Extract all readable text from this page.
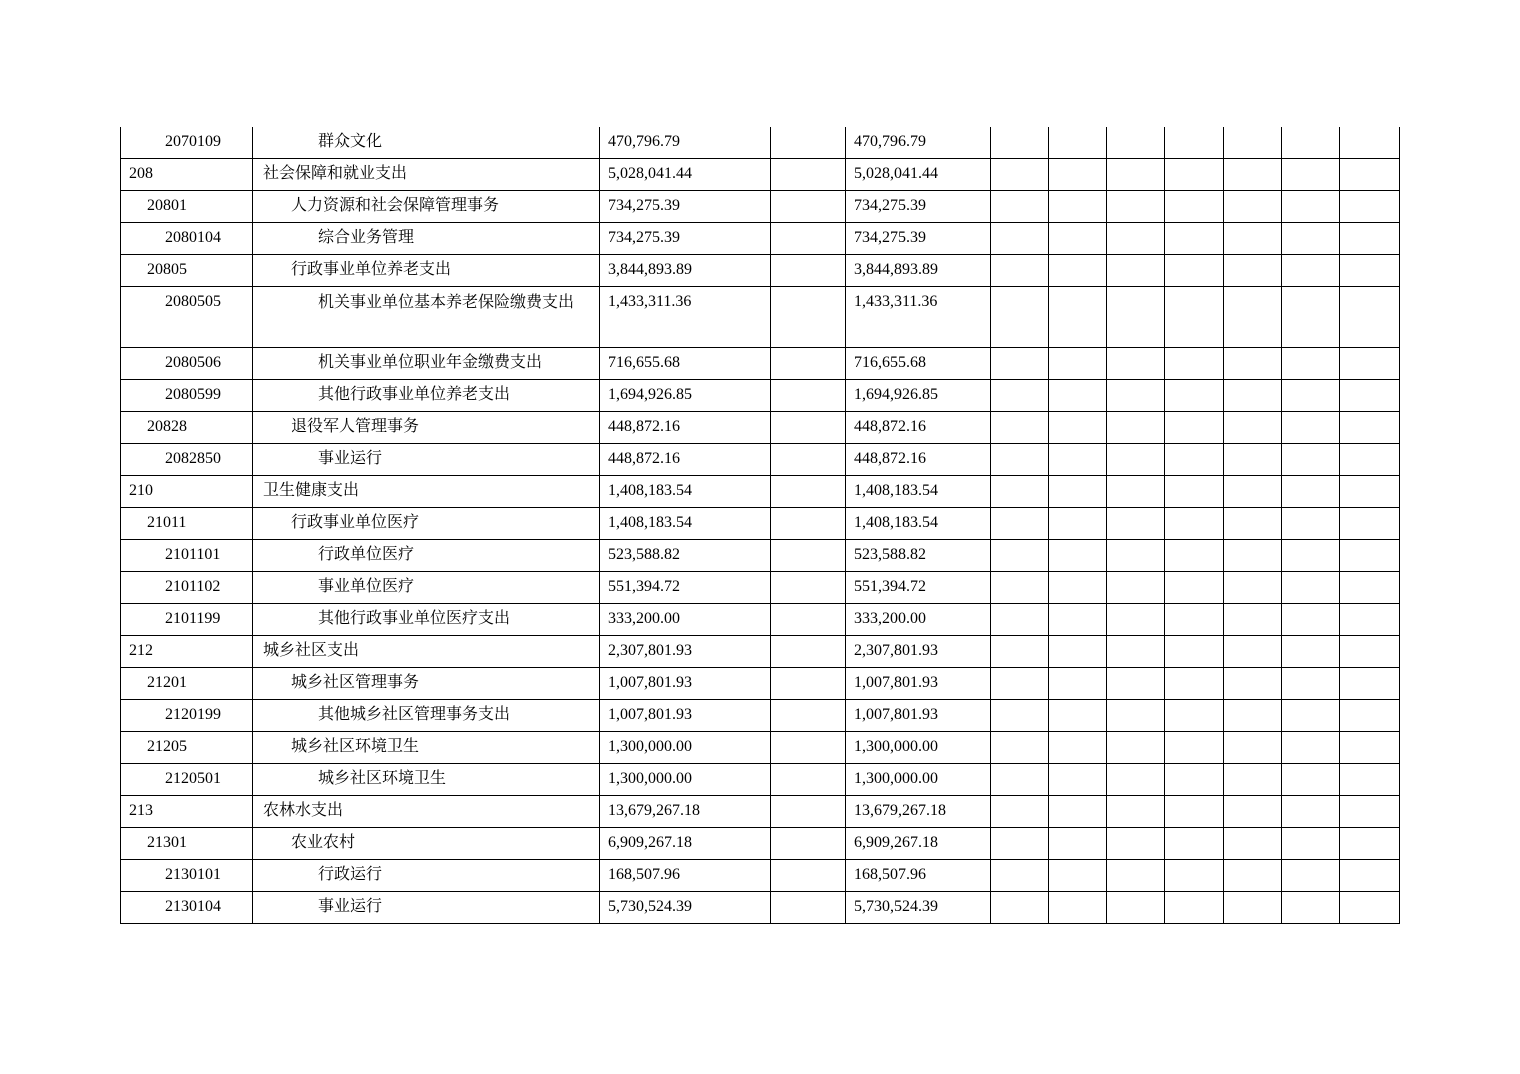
2070109	群众文化	470,796.79		470,796.79							
208	社会保障和就业支出	5,028,041.44		5,028,041.44							
20801	人力资源和社会保障管理事务	734,275.39		734,275.39							
2080104	综合业务管理	734,275.39		734,275.39							
20805	行政事业单位养老支出	3,844,893.89		3,844,893.89							
2080505	机关事业单位基本养老保险缴费支出	1,433,311.36		1,433,311.36							
2080506	机关事业单位职业年金缴费支出	716,655.68		716,655.68							
2080599	其他行政事业单位养老支出	1,694,926.85		1,694,926.85							
20828	退役军人管理事务	448,872.16		448,872.16							
2082850	事业运行	448,872.16		448,872.16							
210	卫生健康支出	1,408,183.54		1,408,183.54							
21011	行政事业单位医疗	1,408,183.54		1,408,183.54							
2101101	行政单位医疗	523,588.82		523,588.82							
2101102	事业单位医疗	551,394.72		551,394.72							
2101199	其他行政事业单位医疗支出	333,200.00		333,200.00							
212	城乡社区支出	2,307,801.93		2,307,801.93							
21201	城乡社区管理事务	1,007,801.93		1,007,801.93							
2120199	其他城乡社区管理事务支出	1,007,801.93		1,007,801.93							
21205	城乡社区环境卫生	1,300,000.00		1,300,000.00							
2120501	城乡社区环境卫生	1,300,000.00		1,300,000.00							
213	农林水支出	13,679,267.18		13,679,267.18							
21301	农业农村	6,909,267.18		6,909,267.18							
2130101	行政运行	168,507.96		168,507.96							
2130104	事业运行	5,730,524.39		5,730,524.39							
